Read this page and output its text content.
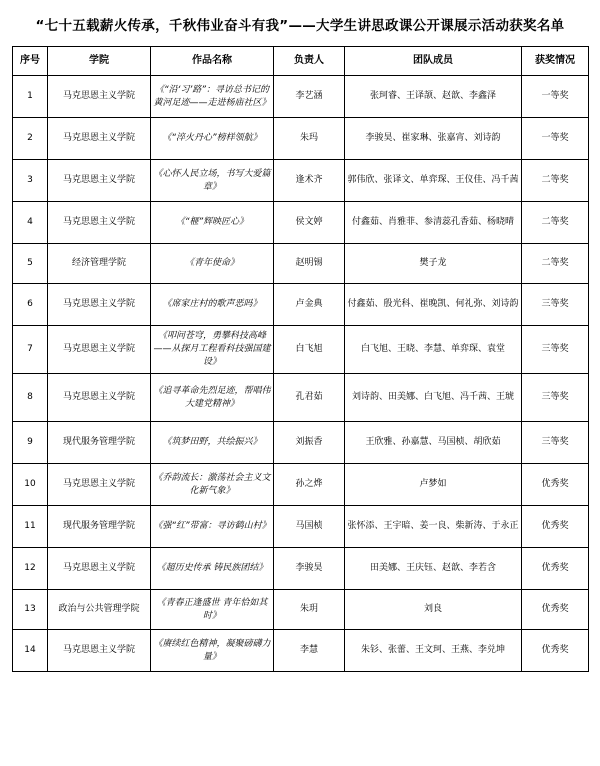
“七十五载薪火传承，千秋伟业奋斗有我”——大学生讲思政课公开课展示活动获奖名单
序号	学院	作品名称	负责人	团队成员	获奖情况
1	马克思恩主义学院	《“沿‘习’路”：寻访总书记的黄河足迹——走进杨庙社区》	李艺涵	张珂睿、王译颉、赵歆、李鑫泽	一等奖
2	马克思恩主义学院	《“淬火丹心”榜样领航》	朱玛	李骏昊、崔家琳、张嘉宵、刘诗韵	一等奖
3	马克思恩主义学院	《心怀人民立场，书写大爱篇章》	逢术齐	郭伟欣、张译文、单弈琛、王仪佳、冯千茜	二等奖
4	马克思恩主义学院	《“榧”辉映匠心》	侯文婷	付鑫茹、肖雅菲、参清蕊孔香茹、杨晓晴	二等奖
5	经济管理学院	《青年使命》	赵明锡	樊子龙	二等奖
6	马克思恩主义学院	《席家庄村的歌声恶吗》	卢金典	付鑫茹、殷光科、崔晚凯、何礼弥、刘诗韵	三等奖
7	马克思恩主义学院	《叩问苍穹，勇攀科技高峰——从探月工程看科技强国建设》	白飞旭	白飞旭、王晓、李慧、单弈琛、袁堂	三等奖
8	马克思恩主义学院	《追寻革命先烈足迹，帮唱伟大建党精神》	孔君茹	刘诗韵、田美娜、白飞旭、冯千茜、王琥	三等奖
9	现代服务管理学院	《筑梦田野，共绘振兴》	刘振香	王欣雅、孙嘉慧、马国桢、胡欣茹	三等奖
10	马克思恩主义学院	《乔韵流长：激荡社会主义文化新气象》	孙之烨	卢梦如	优秀奖
11	现代服务管理学院	《强“红”带富：寻访鹤山村》	马国桢	张怀添、王宇暗、姜一良、柴新涛、于永正	优秀奖
12	马克思恩主义学院	《超历史传承 铸民族团结》	李骏昊	田美娜、王庆钰、赵歆、李若含	优秀奖
13	政治与公共管理学院	《青春正逢盛世 青年恰如其时》	朱玥	刘良	优秀奖
14	马克思恩主义学院	《赓续红色精神，凝聚磅礴力量》	李慧	朱钐、张蕾、王文珂、王燕、李兑坤	优秀奖
